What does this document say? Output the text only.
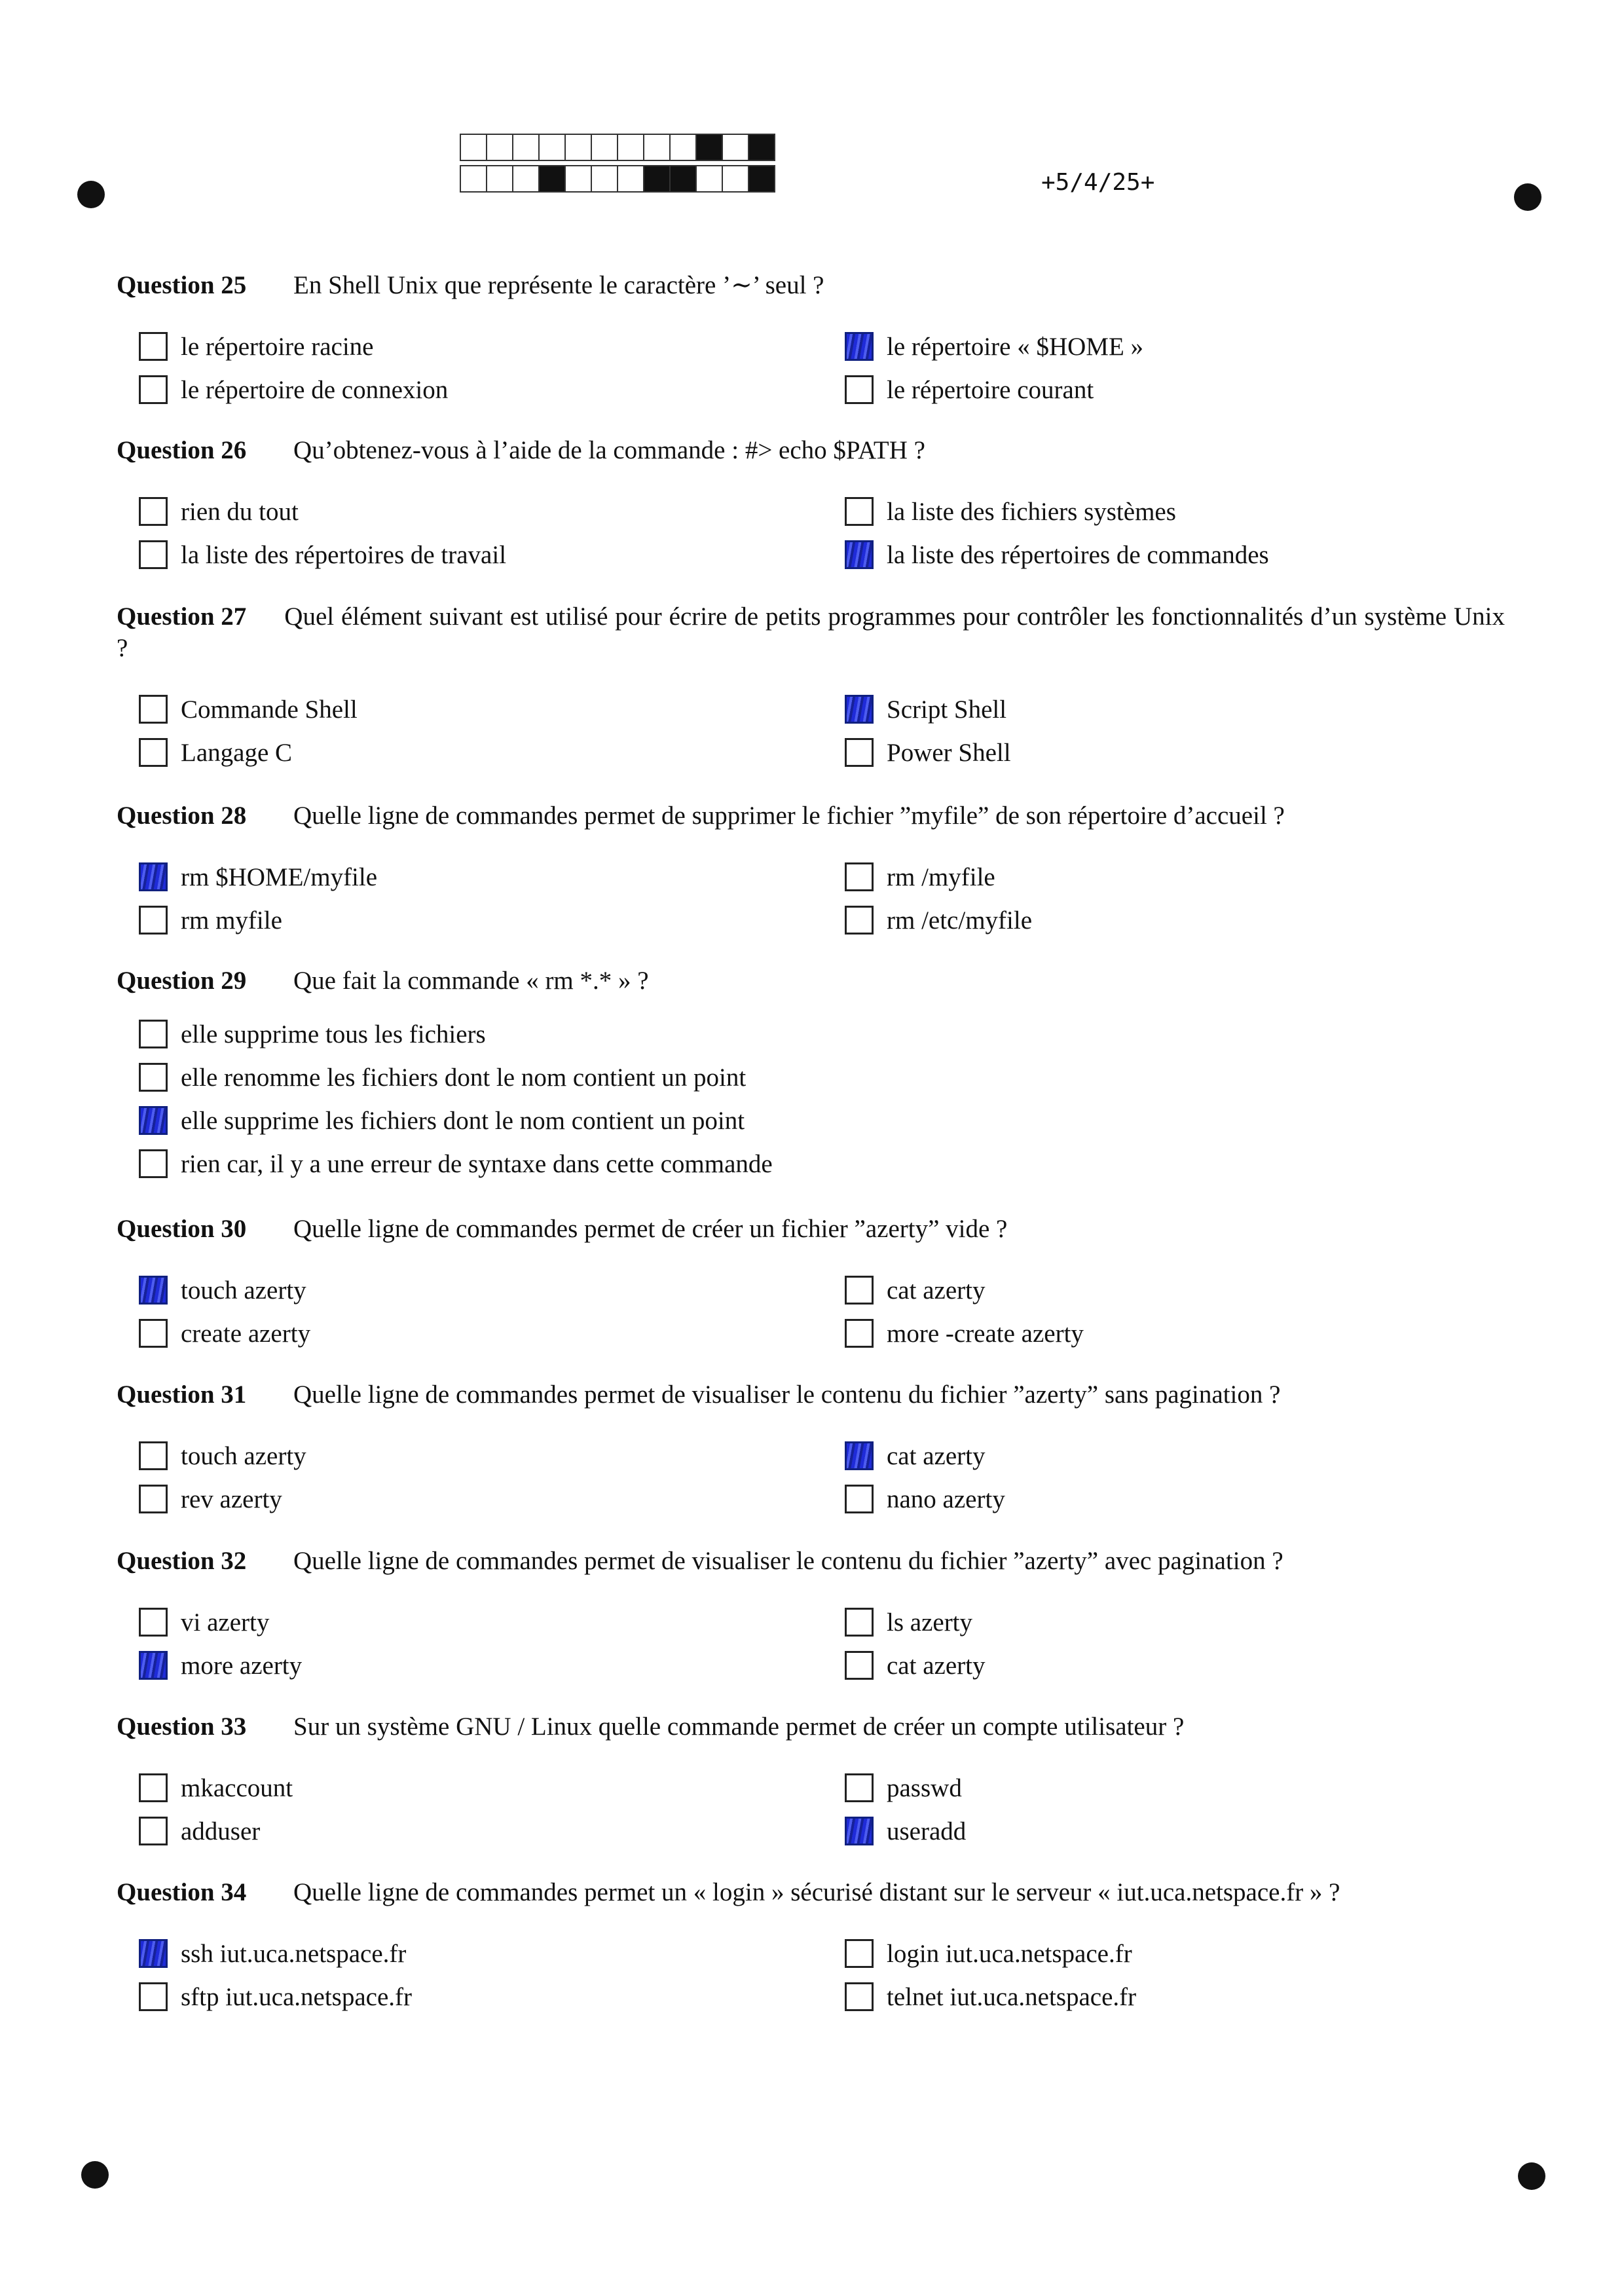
+5/4/25+
Question 25 En Shell Unix que représente le caractère ’∼’ seul ?
le répertoire racine
le répertoire de connexion
le répertoire « $HOME »
le répertoire courant
Question 26 Qu’obtenez-vous à l’aide de la commande : #> echo $PATH ?
rien du tout
la liste des répertoires de travail
la liste des fichiers systèmes
la liste des répertoires de commandes
Question 27 Quel élément suivant est utilisé pour écrire de petits programmes pour contrôler les fonctionnalités d’un système Unix ?
Commande Shell
Langage C
Script Shell
Power Shell
Question 28 Quelle ligne de commandes permet de supprimer le fichier ”myfile” de son répertoire d’accueil ?
rm $HOME/myfile
rm myfile
rm /myfile
rm /etc/myfile
Question 29 Que fait la commande « rm *.* » ?
elle supprime tous les fichiers
elle renomme les fichiers dont le nom contient un point
elle supprime les fichiers dont le nom contient un point
rien car, il y a une erreur de syntaxe dans cette commande
Question 30 Quelle ligne de commandes permet de créer un fichier ”azerty” vide ?
touch azerty
create azerty
cat azerty
more -create azerty
Question 31 Quelle ligne de commandes permet de visualiser le contenu du fichier ”azerty” sans pagination ?
touch azerty
rev azerty
cat azerty
nano azerty
Question 32 Quelle ligne de commandes permet de visualiser le contenu du fichier ”azerty” avec pagination ?
vi azerty
more azerty
ls azerty
cat azerty
Question 33 Sur un système GNU / Linux quelle commande permet de créer un compte utilisateur ?
mkaccount
adduser
passwd
useradd
Question 34 Quelle ligne de commandes permet un « login » sécurisé distant sur le serveur « iut.uca.netspace.fr » ?
ssh iut.uca.netspace.fr
sftp iut.uca.netspace.fr
login iut.uca.netspace.fr
telnet iut.uca.netspace.fr
